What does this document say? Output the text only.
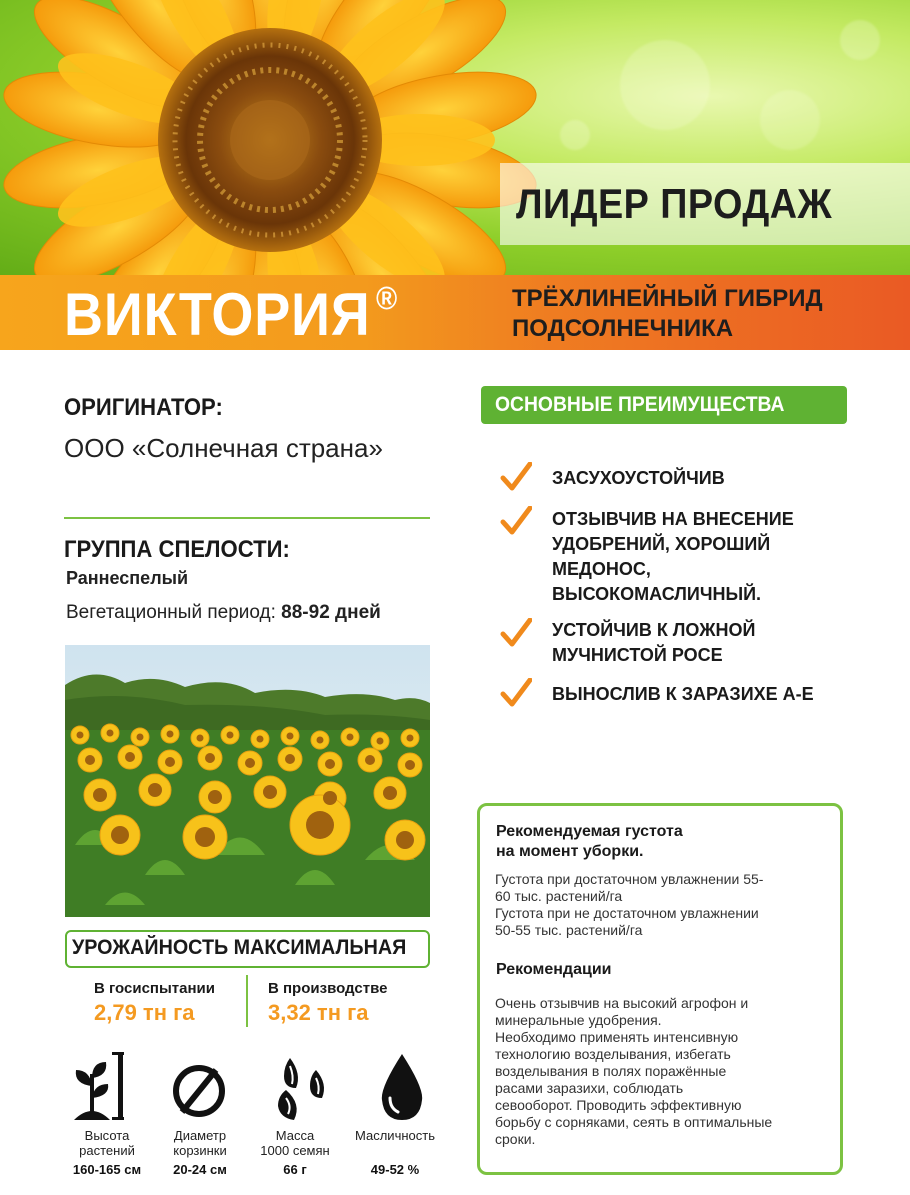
ЛИДЕР ПРОДАЖ
ВИКТОРИЯ ®	ТРЁХЛИНЕЙНЫЙ ГИБРИД
ПОДСОЛНЕЧНИКА
ОРИГИНАТОР:
ООО «Солнечная страна»
ГРУППА СПЕЛОСТИ:
Раннеспелый
Вегетационный период: 88-92 дней
УРОЖАЙНОСТЬ МАКСИМАЛЬНАЯ
В госиспытании
2,79 тн га
В производстве
3,32 тн га
Высота
растений
160-165 см
Диаметр
корзинки
20-24 см
Масса
1000 семян
66 г
Масличность
49-52 %
ОСНОВНЫЕ ПРЕИМУЩЕСТВА
ЗАСУХОУСТОЙЧИВ
ОТЗЫВЧИВ НА ВНЕСЕНИЕ
УДОБРЕНИЙ, ХОРОШИЙ
МЕДОНОС,
ВЫСОКОМАСЛИЧНЫЙ.
УСТОЙЧИВ К ЛОЖНОЙ
МУЧНИСТОЙ РОСЕ
ВЫНОСЛИВ К ЗАРАЗИХЕ А-Е
Рекомендуемая густота
на момент уборки.
Густота при достаточном увлажнении 55-
60 тыс. растений/га
Густота при не достаточном увлажнении
50-55 тыс. растений/га
Рекомендации
Очень отзывчив на высокий агрофон и
минеральные удобрения.
Необходимо применять интенсивную
технологию возделывания, избегать
возделывания в полях поражённые
расами заразихи, соблюдать
севооборот. Проводить эффективную
борьбу с сорняками, сеять в оптимальные
сроки.
